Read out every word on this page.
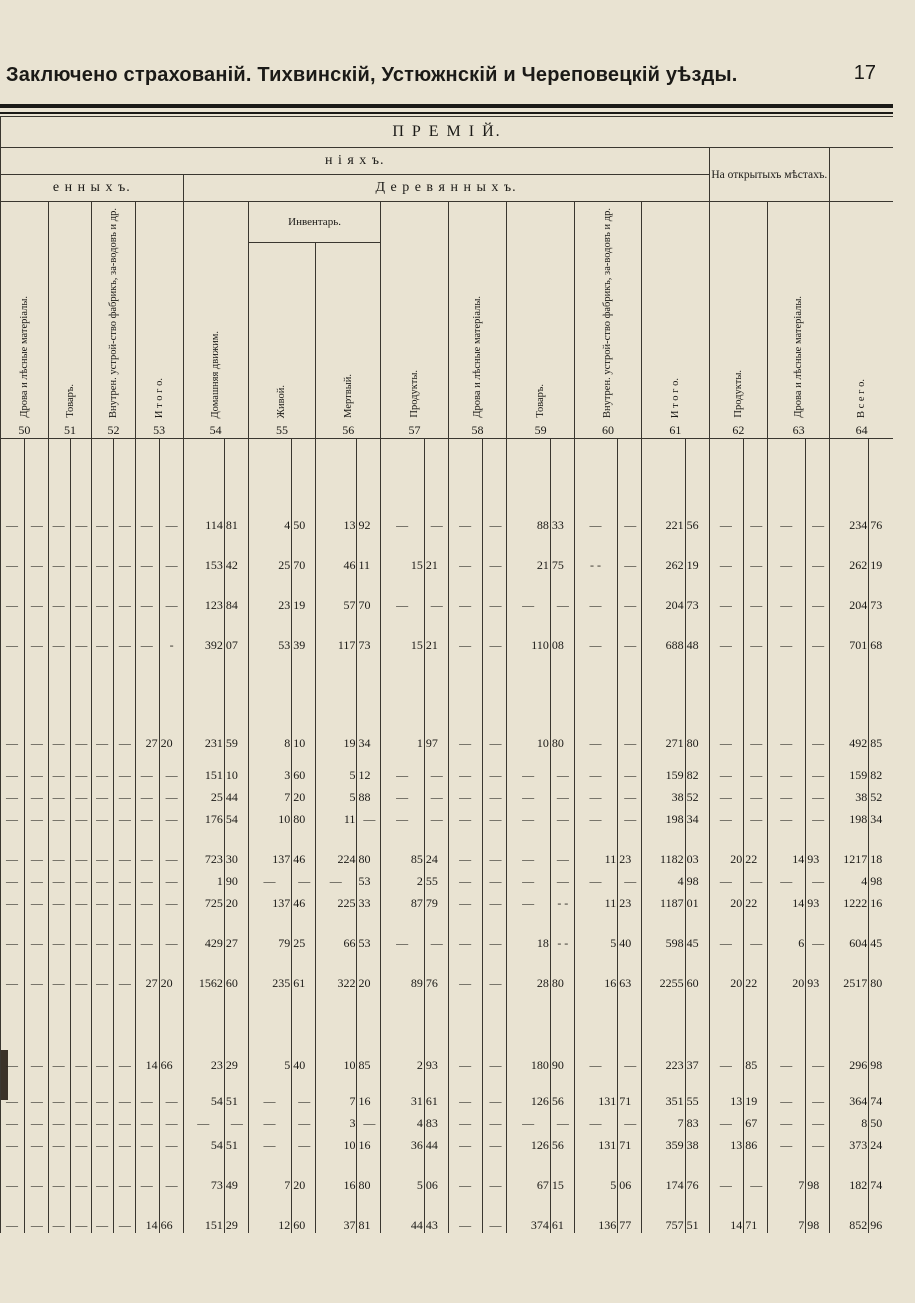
Заключено страхованій. Тихвинскій, Устюжнскій и Череповецкій уѣзды.	17
П Р Е М І Й.																													
н і я х ъ.																								На открытыхъ мѣстахъ.					
е н н ы х ъ.								Д е р е в я н н ы х ъ.																					
Дрова и лѣсные матеріалы.		Товаръ.		Внутрен. устрой-ство фабрикъ, за-водовъ и др.		И т о г о.		Домашняя движим.		Инвентарь.				Продукты.		Дрова и лѣсные матеріалы.		Товаръ.		Внутрен. устрой-ство фабрикъ, за-водовъ и др.		И т о г о.		Продукты.		Дрова и лѣсные матеріалы.		В с е г о.	
										Живой.		Мертвый.																	
50		51		52		53		54		55		56		57		58		59		60		61		62		63		64	

—	—	—	—	—	—	—	—	114	81	4	50	13	92	—	—	—	—	88	33	—	—	221	56	—	—	—	—	234	76

—	—	—	—	—	—	—	—	153	42	25	70	46	11	15	21	—	—	21	75	- -	—	262	19	—	—	—	—	262	19

—	—	—	—	—	—	—	—	123	84	23	19	57	70	—	—	—	—	—	—	—	—	204	73	—	—	—	—	204	73

—	—	—	—	—	—	—	-	392	07	53	39	117	73	15	21	—	—	110	08	—	—	688	48	—	—	—	—	701	68

—	—	—	—	—	—	27	20	231	59	8	10	19	34	1	97	—	—	10	80	—	—	271	80	—	—	—	—	492	85

—	—	—	—	—	—	—	—	151	10	3	60	5	12	—	—	—	—	—	—	—	—	159	82	—	—	—	—	159	82
—	—	—	—	—	—	—	—	25	44	7	20	5	88	—	—	—	—	—	—	—	—	38	52	—	—	—	—	38	52
—	—	—	—	—	—	—	—	176	54	10	80	11	—	—	—	—	—	—	—	—	—	198	34	—	—	—	—	198	34

—	—	—	—	—	—	—	—	723	30	137	46	224	80	85	24	—	—	—	—	11	23	1182	03	20	22	14	93	1217	18
—	—	—	—	—	—	—	—	1	90	—	—	—	53	2	55	—	—	—	—	—	—	4	98	—	—	—	—	4	98
—	—	—	—	—	—	—	—	725	20	137	46	225	33	87	79	—	—	—	- -	11	23	1187	01	20	22	14	93	1222	16

—	—	—	—	—	—	—	—	429	27	79	25	66	53	—	—	—	—	18	- -	5	40	598	45	—	—	6	—	604	45

—	—	—	—	—	—	27	20	1562	60	235	61	322	20	89	76	—	—	28	80	16	63	2255	60	20	22	20	93	2517	80

—	—	—	—	—	—	14	66	23	29	5	40	10	85	2	93	—	—	180	90	—	—	223	37	—	85	—	—	296	98

—	—	—	—	—	—	—	—	54	51	—	—	7	16	31	61	—	—	126	56	131	71	351	55	13	19	—	—	364	74
—	—	—	—	—	—	—	—	—	—	—	—	3	—	4	83	—	—	—	—	—	—	7	83	—	67	—	—	8	50
—	—	—	—	—	—	—	—	54	51	—	—	10	16	36	44	—	—	126	56	131	71	359	38	13	86	—	—	373	24

—	—	—	—	—	—	—	—	73	49	7	20	16	80	5	06	—	—	67	15	5	06	174	76	—	—	7	98	182	74

—	—	—	—	—	—	14	66	151	29	12	60	37	81	44	43	—	—	374	61	136	77	757	51	14	71	7	98	852	96
